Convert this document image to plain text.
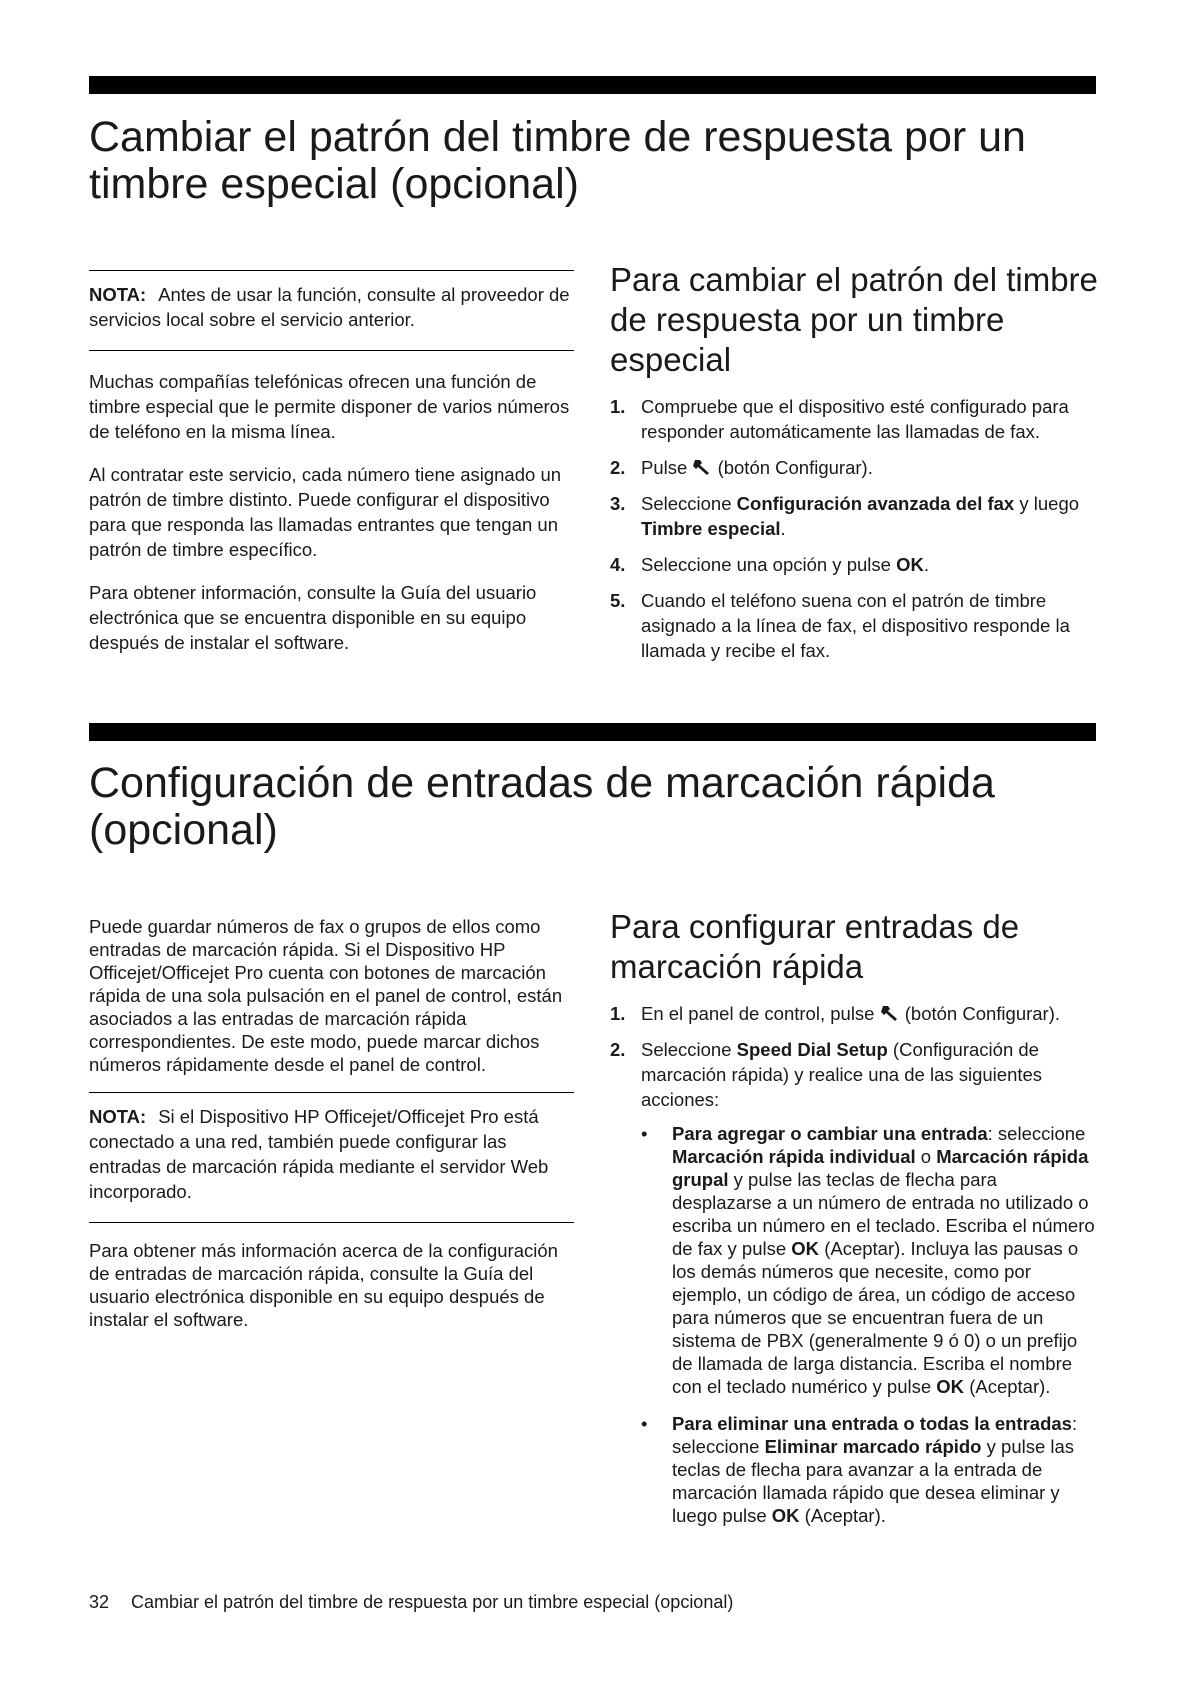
Cambiar el patrón del timbre de respuesta por un timbre especial (opcional)

NOTA: Antes de usar la función, consulte al proveedor de servicios local sobre el servicio anterior.

Muchas compañías telefónicas ofrecen una función de timbre especial que le permite disponer de varios números de teléfono en la misma línea.

Al contratar este servicio, cada número tiene asignado un patrón de timbre distinto. Puede configurar el dispositivo para que responda las llamadas entrantes que tengan un patrón de timbre específico.

Para obtener información, consulte la Guía del usuario electrónica que se encuentra disponible en su equipo después de instalar el software.

Para cambiar el patrón del timbre de respuesta por un timbre especial
1. Compruebe que el dispositivo esté configurado para responder automáticamente las llamadas de fax.
2. Pulse (botón Configurar).
3. Seleccione Configuración avanzada del fax y luego Timbre especial.
4. Seleccione una opción y pulse OK.
5. Cuando el teléfono suena con el patrón de timbre asignado a la línea de fax, el dispositivo responde la llamada y recibe el fax.
Configuración de entradas de marcación rápida (opcional)

Puede guardar números de fax o grupos de ellos como entradas de marcación rápida. Si el Dispositivo HP Officejet/Officejet Pro cuenta con botones de marcación rápida de una sola pulsación en el panel de control, están asociados a las entradas de marcación rápida correspondientes. De este modo, puede marcar dichos números rápidamente desde el panel de control.

NOTA: Si el Dispositivo HP Officejet/Officejet Pro está conectado a una red, también puede configurar las entradas de marcación rápida mediante el servidor Web incorporado.

Para obtener más información acerca de la configuración de entradas de marcación rápida, consulte la Guía del usuario electrónica disponible en su equipo después de instalar el software.

Para configurar entradas de marcación rápida
1. En el panel de control, pulse (botón Configurar).
2. Seleccione Speed Dial Setup (Configuración de marcación rápida) y realice una de las siguientes acciones:
• Para agregar o cambiar una entrada: seleccione Marcación rápida individual o Marcación rápida grupal y pulse las teclas de flecha para desplazarse a un número de entrada no utilizado o escriba un número en el teclado. Escriba el número de fax y pulse OK (Aceptar). Incluya las pausas o los demás números que necesite, como por ejemplo, un código de área, un código de acceso para números que se encuentran fuera de un sistema de PBX (generalmente 9 ó 0) o un prefijo de llamada de larga distancia. Escriba el nombre con el teclado numérico y pulse OK (Aceptar).
• Para eliminar una entrada o todas la entradas: seleccione Eliminar marcado rápido y pulse las teclas de flecha para avanzar a la entrada de marcación llamada rápido que desea eliminar y luego pulse OK (Aceptar).
32 Cambiar el patrón del timbre de respuesta por un timbre especial (opcional)
